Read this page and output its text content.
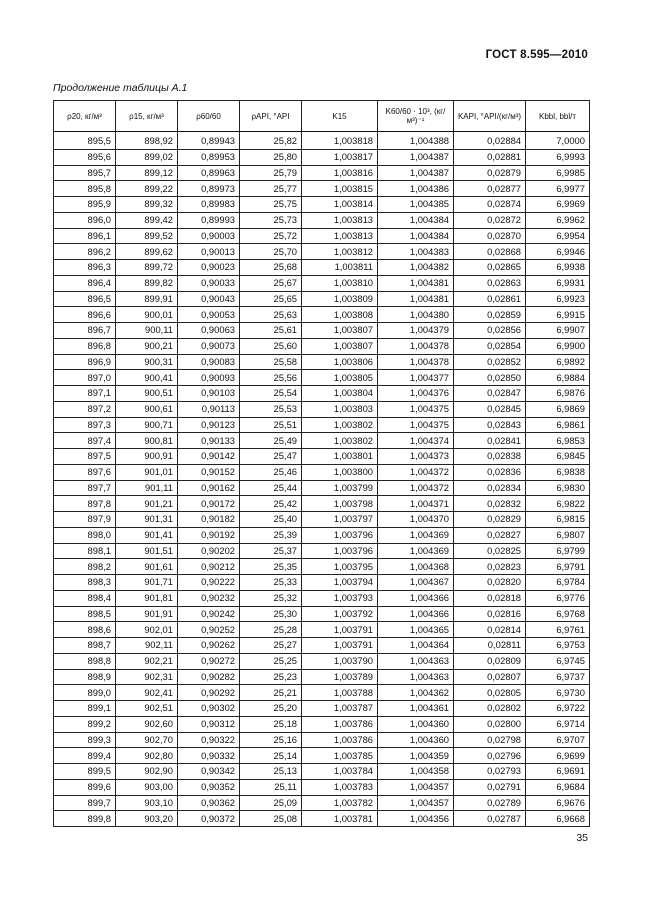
ГОСТ 8.595—2010
Продолжение таблицы А.1
ρ20, кг/м³	ρ15, кг/м³	ρ60/60	ρAPI, °API	K15	K60/60 · 10³, (кг/м³)⁻¹	KAPI, °API/(кг/м³)	Kbbl, bbl/т
895,5	898,92	0,89943	25,82	1,003818	1,004388	0,02884	7,0000
895,6	899,02	0,89953	25,80	1,003817	1,004387	0,02881	6,9993
895,7	899,12	0,89963	25,79	1,003816	1,004387	0,02879	6,9985
895,8	899,22	0,89973	25,77	1,003815	1,004386	0,02877	6,9977
895,9	899,32	0,89983	25,75	1,003814	1,004385	0,02874	6,9969
896,0	899,42	0,89993	25,73	1,003813	1,004384	0,02872	6,9962
896,1	899,52	0,90003	25,72	1,003813	1,004384	0,02870	6,9954
896,2	899,62	0,90013	25,70	1,003812	1,004383	0,02868	6,9946
896,3	899,72	0,90023	25,68	1,003811	1,004382	0,02865	6,9938
896,4	899,82	0,90033	25,67	1,003810	1,004381	0,02863	6,9931
896,5	899,91	0,90043	25,65	1,003809	1,004381	0,02861	6,9923
896,6	900,01	0,90053	25,63	1,003808	1,004380	0,02859	6,9915
896,7	900,11	0,90063	25,61	1,003807	1,004379	0,02856	6,9907
896,8	900,21	0,90073	25,60	1,003807	1,004378	0,02854	6,9900
896,9	900,31	0,90083	25,58	1,003806	1,004378	0,02852	6,9892
897,0	900,41	0,90093	25,56	1,003805	1,004377	0,02850	6,9884
897,1	900,51	0,90103	25,54	1,003804	1,004376	0,02847	6,9876
897,2	900,61	0,90113	25,53	1,003803	1,004375	0,02845	6,9869
897,3	900,71	0,90123	25,51	1,003802	1,004375	0,02843	6,9861
897,4	900,81	0,90133	25,49	1,003802	1,004374	0,02841	6,9853
897,5	900,91	0,90142	25,47	1,003801	1,004373	0,02838	6,9845
897,6	901,01	0,90152	25,46	1,003800	1,004372	0,02836	6,9838
897,7	901,11	0,90162	25,44	1,003799	1,004372	0,02834	6,9830
897,8	901,21	0,90172	25,42	1,003798	1,004371	0,02832	6,9822
897,9	901,31	0,90182	25,40	1,003797	1,004370	0,02829	6,9815
898,0	901,41	0,90192	25,39	1,003796	1,004369	0,02827	6,9807
898,1	901,51	0,90202	25,37	1,003796	1,004369	0,02825	6,9799
898,2	901,61	0,90212	25,35	1,003795	1,004368	0,02823	6,9791
898,3	901,71	0,90222	25,33	1,003794	1,004367	0,02820	6,9784
898,4	901,81	0,90232	25,32	1,003793	1,004366	0,02818	6,9776
898,5	901,91	0,90242	25,30	1,003792	1,004366	0,02816	6,9768
898,6	902,01	0,90252	25,28	1,003791	1,004365	0,02814	6,9761
898,7	902,11	0,90262	25,27	1,003791	1,004364	0,02811	6,9753
898,8	902,21	0,90272	25,25	1,003790	1,004363	0,02809	6,9745
898,9	902,31	0,90282	25,23	1,003789	1,004363	0,02807	6,9737
899,0	902,41	0,90292	25,21	1,003788	1,004362	0,02805	6,9730
899,1	902,51	0,90302	25,20	1,003787	1,004361	0,02802	6,9722
899,2	902,60	0,90312	25,18	1,003786	1,004360	0,02800	6,9714
899,3	902,70	0,90322	25,16	1,003786	1,004360	0,02798	6,9707
899,4	902,80	0,90332	25,14	1,003785	1,004359	0,02796	6,9699
899,5	902,90	0,90342	25,13	1,003784	1,004358	0,02793	6,9691
899,6	903,00	0,90352	25,11	1,003783	1,004357	0,02791	6,9684
899,7	903,10	0,90362	25,09	1,003782	1,004357	0,02789	6,9676
899,8	903,20	0,90372	25,08	1,003781	1,004356	0,02787	6,9668
35
